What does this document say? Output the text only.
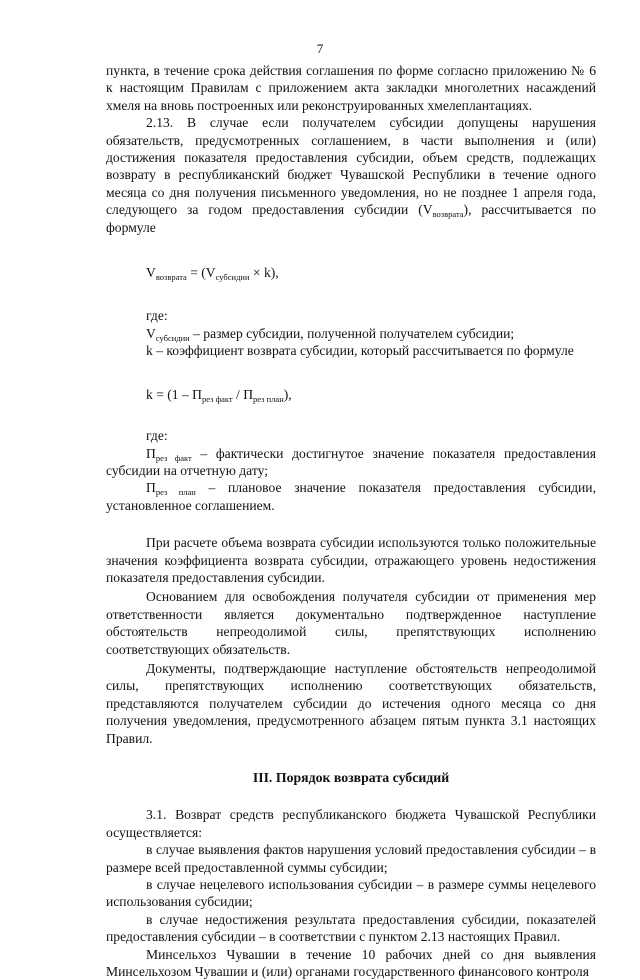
7

пункта, в течение срока действия соглашения по форме согласно приложению № 6 к настоящим Правилам с приложением акта закладки многолетних насаждений хмеля на вновь построенных или реконструированных хмелеплантациях.

2.13. В случае если получателем субсидии допущены нарушения обязательств, предусмотренных соглашением, в части выполнения и (или) достижения показателя предоставления субсидии, объем средств, подлежащих возврату в республиканский бюджет Чувашской Республики в течение одного месяца со дня получения письменного уведомления, но не позднее 1 апреля года, следующего за годом предоставления субсидии $(V_{возврата})$, рассчитывается по формуле

$V_{возврата} = (V_{субсидии} \times k)$,

где:

$V_{субсидии}$ – размер субсидии, полученной получателем субсидии;

k – коэффициент возврата субсидии, который рассчитывается по формуле

$k = (1 - П_{рез факт} / П_{рез план})$,

где:

$П_{рез факт}$ – фактически достигнутое значение показателя предоставления субсидии на отчетную дату;

$П_{рез план}$ – плановое значение показателя предоставления субсидии, установленное соглашением.

При расчете объема возврата субсидии используются только положительные значения коэффициента возврата субсидии, отражающего уровень недостижения показателя предоставления субсидии.

Основанием для освобождения получателя субсидии от применения мер ответственности является документально подтвержденное наступление обстоятельств непреодолимой силы, препятствующих исполнению соответствующих обязательств.

Документы, подтверждающие наступление обстоятельств непреодолимой силы, препятствующих исполнению соответствующих обязательств, представляются получателем субсидии до истечения одного месяца со дня получения уведомления, предусмотренного абзацем пятым пункта 3.1 настоящих Правил.

III. Порядок возврата субсидий

3.1. Возврат средств республиканского бюджета Чувашской Республики осуществляется:

в случае выявления фактов нарушения условий предоставления субсидии – в размере всей предоставленной суммы субсидии;

в случае нецелевого использования субсидии – в размере суммы нецелевого использования субсидии;

в случае недостижения результата предоставления субсидии, показателей предоставления субсидии – в соответствии с пунктом 2.13 настоящих Правил.

Минсельхоз Чувашии в течение 10 рабочих дней со дня выявления Минсельхозом Чувашии и (или) органами государственного финансового контроля
